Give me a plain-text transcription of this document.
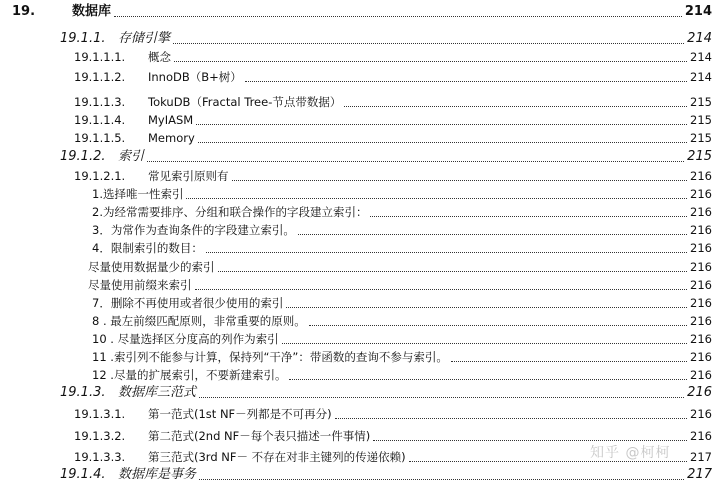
19.	数据库	214
19.1.1. 存储引擎	214
19.1.1.1. 概念	214
19.1.1.2. InnoDB（B+树）	214
19.1.1.3. TokuDB（Fractal Tree-节点带数据）	215
19.1.1.4. MyIASM	215
19.1.1.5. Memory	215
19.1.2. 索引	215
19.1.2.1. 常见索引原则有	216
1.选择唯一性索引	216
2.为经常需要排序、分组和联合操作的字段建立索引：	216
3．为常作为查询条件的字段建立索引。	216
4．限制索引的数目：	216
尽量使用数据量少的索引	216
尽量使用前缀来索引	216
7．删除不再使用或者很少使用的索引	216
8 . 最左前缀匹配原则，非常重要的原则。	216
10 . 尽量选择区分度高的列作为索引	216
11 .索引列不能参与计算，保持列“干净”：带函数的查询不参与索引。	216
12 .尽量的扩展索引，不要新建索引。	216
19.1.3. 数据库三范式	216
19.1.3.1. 第一范式(1st NF－列都是不可再分)	216
19.1.3.2. 第二范式(2nd NF－每个表只描述一件事情)	216
19.1.3.3. 第三范式(3rd NF－ 不存在对非主键列的传递依赖)	217
19.1.4. 数据库是事务	217
知乎 @柯柯
